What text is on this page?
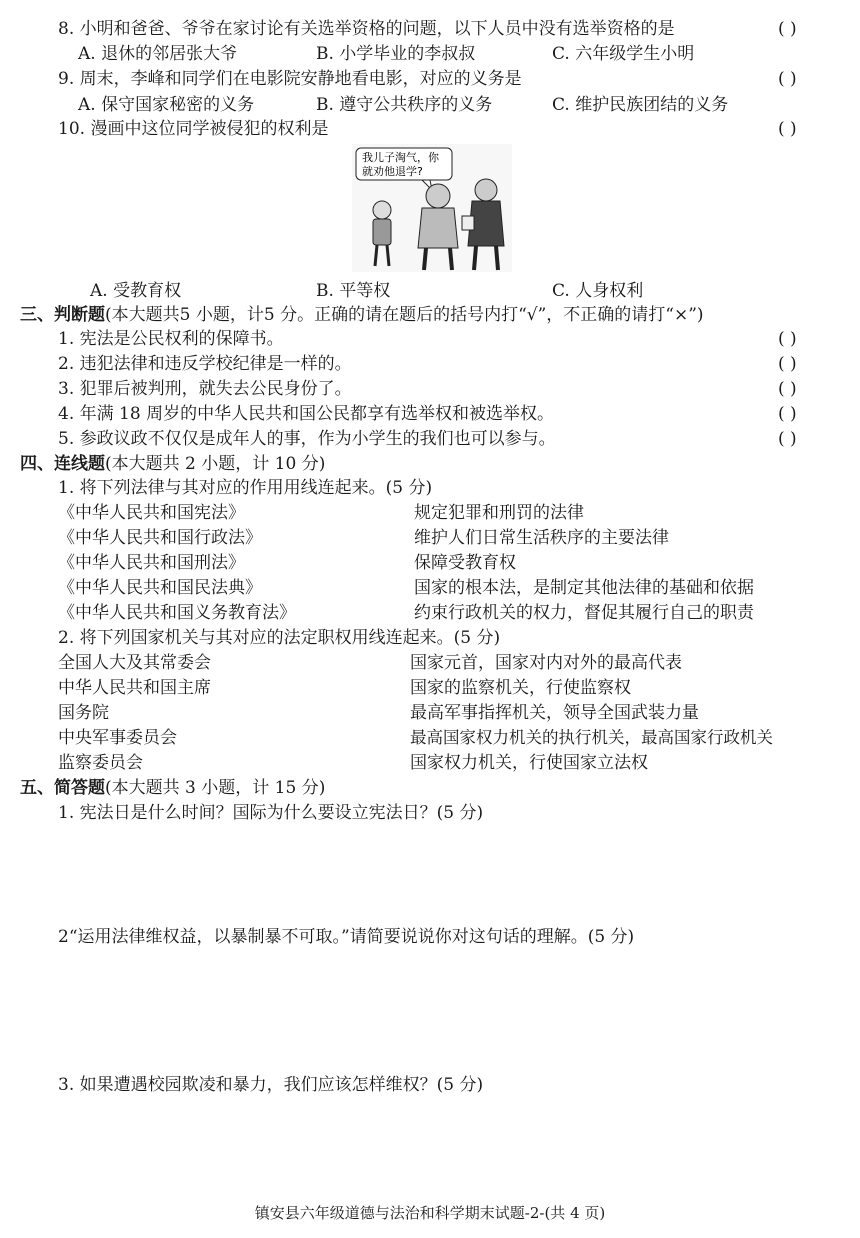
8. 小明和爸爸、爷爷在家讨论有关选举资格的问题，以下人员中没有选举资格的是	( )
A. 退休的邻居张大爷	B. 小学毕业的李叔叔	C. 六年级学生小明
9. 周末，李峰和同学们在电影院安静地看电影，对应的义务是	( )
A. 保守国家秘密的义务	B. 遵守公共秩序的义务	C. 维护民族团结的义务
10. 漫画中这位同学被侵犯的权利是	( )
我儿子淘气，你
就劝他退学?
A. 受教育权	B. 平等权	C. 人身权利
三、判断题(本大题共5 小题，计5 分。正确的请在题后的括号内打“√”，不正确的请打“×”)
1. 宪法是公民权利的保障书。	( )
2. 违犯法律和违反学校纪律是一样的。	( )
3. 犯罪后被判刑，就失去公民身份了。	( )
4. 年满 18 周岁的中华人民共和国公民都享有选举权和被选举权。	( )
5. 参政议政不仅仅是成年人的事，作为小学生的我们也可以参与。	( )
四、连线题(本大题共 2 小题，计 10 分)
1. 将下列法律与其对应的作用用线连起来。(5 分)
《中华人民共和国宪法》	规定犯罪和刑罚的法律
《中华人民共和国行政法》	维护人们日常生活秩序的主要法律
《中华人民共和国刑法》	保障受教育权
《中华人民共和国民法典》	国家的根本法，是制定其他法律的基础和依据
《中华人民共和国义务教育法》	约束行政机关的权力，督促其履行自己的职责
2. 将下列国家机关与其对应的法定职权用线连起来。(5 分)
全国人大及其常委会	国家元首，国家对内对外的最高代表
中华人民共和国主席	国家的监察机关，行使监察权
国务院	最高军事指挥机关，领导全国武装力量
中央军事委员会	最高国家权力机关的执行机关，最高国家行政机关
监察委员会	国家权力机关，行使国家立法权
五、简答题(本大题共 3 小题，计 15 分)
1. 宪法日是什么时间？国际为什么要设立宪法日？(5 分)
2“运用法律维权益，以暴制暴不可取。”请简要说说你对这句话的理解。(5 分)
3. 如果遭遇校园欺凌和暴力，我们应该怎样维权？(5 分)
镇安县六年级道德与法治和科学期末试题-2-(共 4 页)
